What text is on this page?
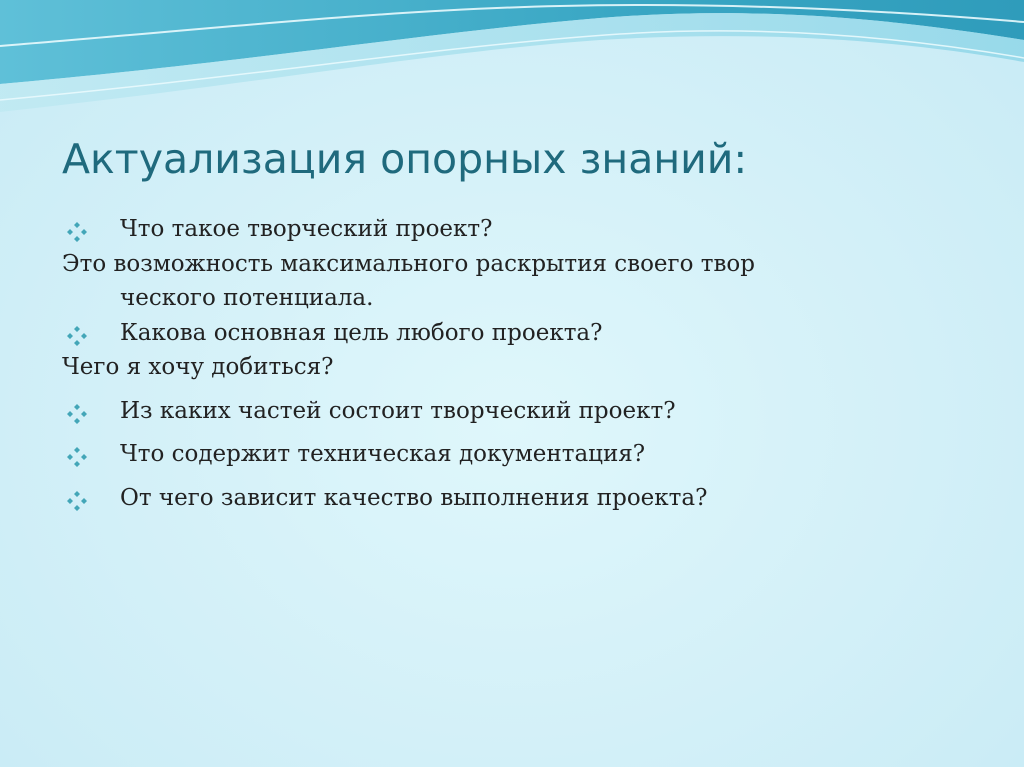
Актуализация опорных знаний:
Что такое творческий проект?
Это возможность максимального раскрытия своего твор
ческого потенциала.
Какова основная цель любого проекта?
Чего я хочу добиться?
Из каких частей состоит творческий проект?
Что содержит техническая документация?
От чего зависит качество выполнения проекта?
